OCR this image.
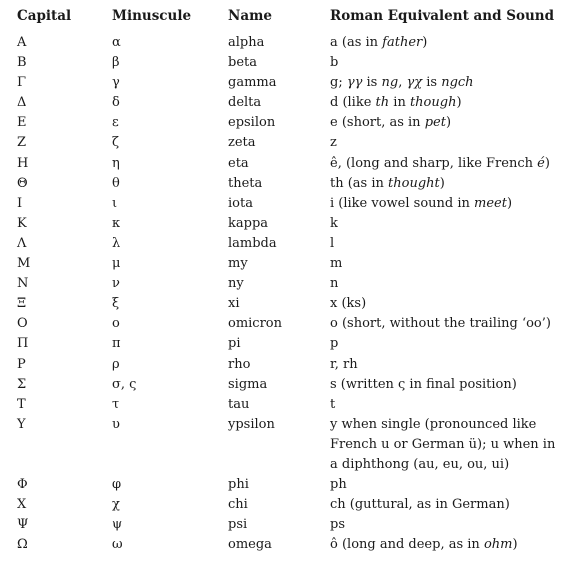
Capital	Minuscule	Name	Roman Equivalent and Sound
Α	α	alpha	a (as in father)
Β	β	beta	b
Γ	γ	gamma	g; γγ is ng, γχ is ngch
Δ	δ	delta	d (like th in though)
Ε	ε	epsilon	e (short, as in pet)
Ζ	ζ	zeta	z
Η	η	eta	ê, (long and sharp, like French é)
Θ	θ	theta	th (as in thought)
Ι	ι	iota	i (like vowel sound in meet)
Κ	κ	kappa	k
Λ	λ	lambda	l
Μ	μ	my	m
Ν	ν	ny	n
Ξ	ξ	xi	x (ks)
Ο	ο	omicron	o (short, without the trailing ‘oo’)
Π	π	pi	p
Ρ	ρ	rho	r, rh
Σ	σ, ς	sigma	s (written ς in final position)
Τ	τ	tau	t
Υ	υ	ypsilon	y when single (pronounced like French u or German ü); u when in a diphthong (au, eu, ou, ui)
Φ	φ	phi	ph
Χ	χ	chi	ch (guttural, as in German)
Ψ	ψ	psi	ps
Ω	ω	omega	ô (long and deep, as in ohm)
